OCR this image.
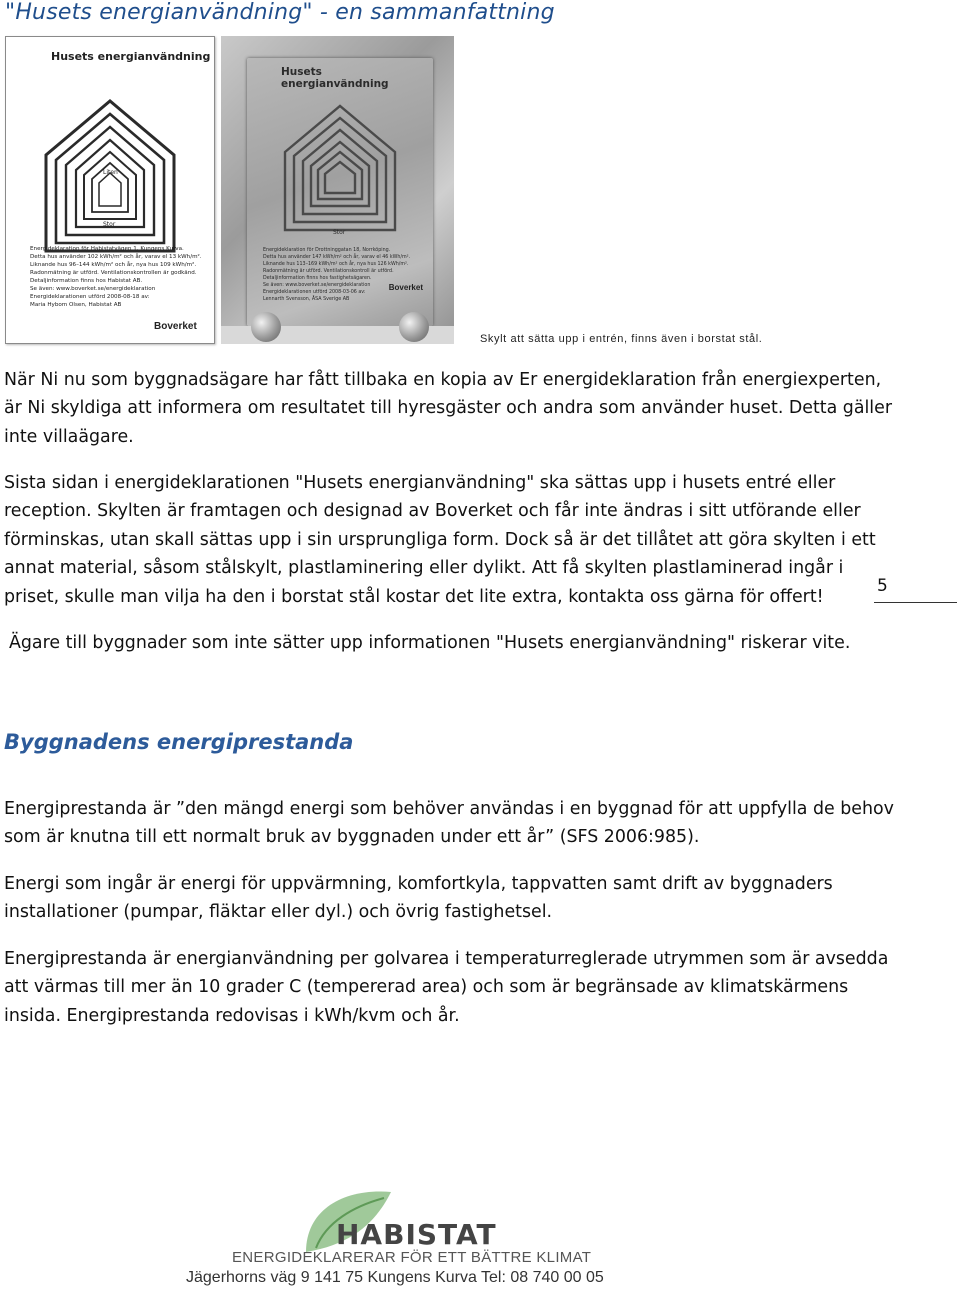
"Husets energianvändning" - en sammanfattning
Husets energianvändning
Liten
Stor
Energideklaration för Habistatvägen 1, Kungens Kurva.
Detta hus använder 102 kWh/m² och år, varav el 13 kWh/m².
Liknande hus 96–144 kWh/m² och år, nya hus 109 kWh/m².
Radonmätning är utförd. Ventilationskontrollen är godkänd.
Detaljinformation finns hos Habistat AB.
Se även: www.boverket.se/energideklaration
Energideklarationen utförd 2008-08-18 av:
Maria Hybom Olsen, Habistat AB
Boverket
Husets energianvändning
Stor
Energideklaration för Drottninggatan 18, Norrköping.
Detta hus använder 147 kWh/m² och år, varav el 46 kWh/m².
Liknande hus 113–169 kWh/m² och år, nya hus 126 kWh/m².
Radonmätning är utförd. Ventilationskontroll är utförd.
Detaljinformation finns hos fastighetsägaren.
Se även: www.boverket.se/energideklaration
Energideklarationen utförd 2008-03-06 av:
Lennarth Svensson, ÅSA Sverige AB
Boverket
Skylt att sätta upp i entrén, finns även i borstat stål.
När Ni nu som byggnadsägare har fått tillbaka en kopia av Er energideklaration från energiexperten,
är Ni skyldiga att informera om resultatet till hyresgäster och andra som använder huset. Detta gäller
inte villaägare.
Sista sidan i energideklarationen "Husets energianvändning" ska sättas upp i husets entré eller
reception. Skylten är framtagen och designad av Boverket och får inte ändras i sitt utförande eller
förminskas, utan skall sättas upp i sin ursprungliga form. Dock så är det tillåtet att göra skylten i ett
annat material, såsom stålskylt, plastlaminering eller dylikt. Att få skylten plastlaminerad ingår i
priset, skulle man vilja ha den i borstat stål kostar det lite extra, kontakta oss gärna för offert!
5
Ägare till byggnader som inte sätter upp informationen "Husets energianvändning" riskerar vite.
Byggnadens energiprestanda
Energiprestanda är ”den mängd energi som behöver användas i en byggnad för att uppfylla de behov
som är knutna till ett normalt bruk av byggnaden under ett år” (SFS 2006:985).
Energi som ingår är energi för uppvärmning, komfortkyla, tappvatten samt drift av byggnaders
installationer (pumpar, fläktar eller dyl.) och övrig fastighetsel.
Energiprestanda är energianvändning per golvarea i temperaturreglerade utrymmen som är avsedda
att värmas till mer än 10 grader C (tempererad area) och som är begränsade av klimatskärmens
insida. Energiprestanda redovisas i kWh/kvm och år.
HABISTAT
ENERGIDEKLARERAR FÖR ETT BÄTTRE KLIMAT
Jägerhorns väg 9 141 75 Kungens Kurva Tel: 08 740 00 05
